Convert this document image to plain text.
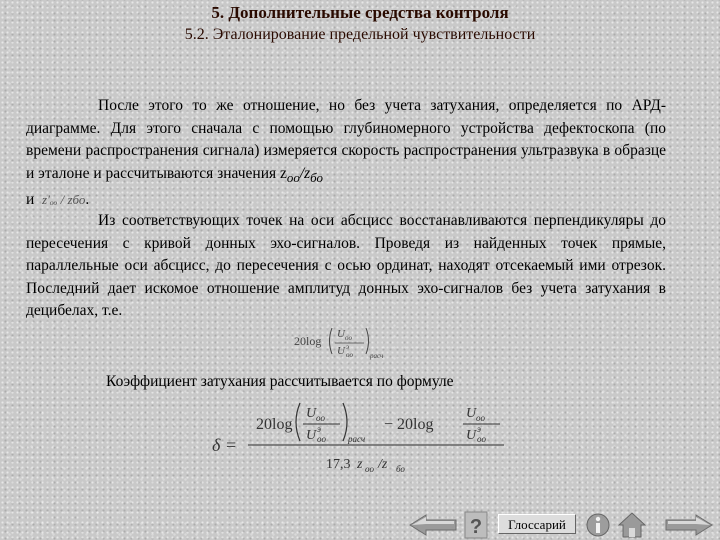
5. Дополнительные средства контроля
5.2. Эталонирование предельной чувствительности

После этого то же отношение, но без учета затухания, определяется по АРД-диаграмме. Для этого сначала с помощью глубиномерного устройства дефектоскопа (по времени распространения сигнала) измеряется скорость распространения ультразвука в образце и эталоне и рассчитываются значения $z_{оо}/z_{бо}$
и z′ₒₒ / zбо.

Из соответствующих точек на оси абсцисс восстанавливаются перпендикуляры до пересечения с кривой донных эхо-сигналов. Проведя из найденных точек прямые, параллельные оси абсцисс, до пересечения с осью ординат, находят отсекаемый ими отрезок. Последний дает искомое отношение амплитуд донных эхо-сигналов без учета затухания в децибелах, т.е.

20log U oo
U э
oo расч
Коэффициент затухания рассчитывается по формуле
δ =
20log
U oo
U э
oo расч
− 20log
U oo
U э
oo
17,3 z oo /z бо
?	Глоссарий
